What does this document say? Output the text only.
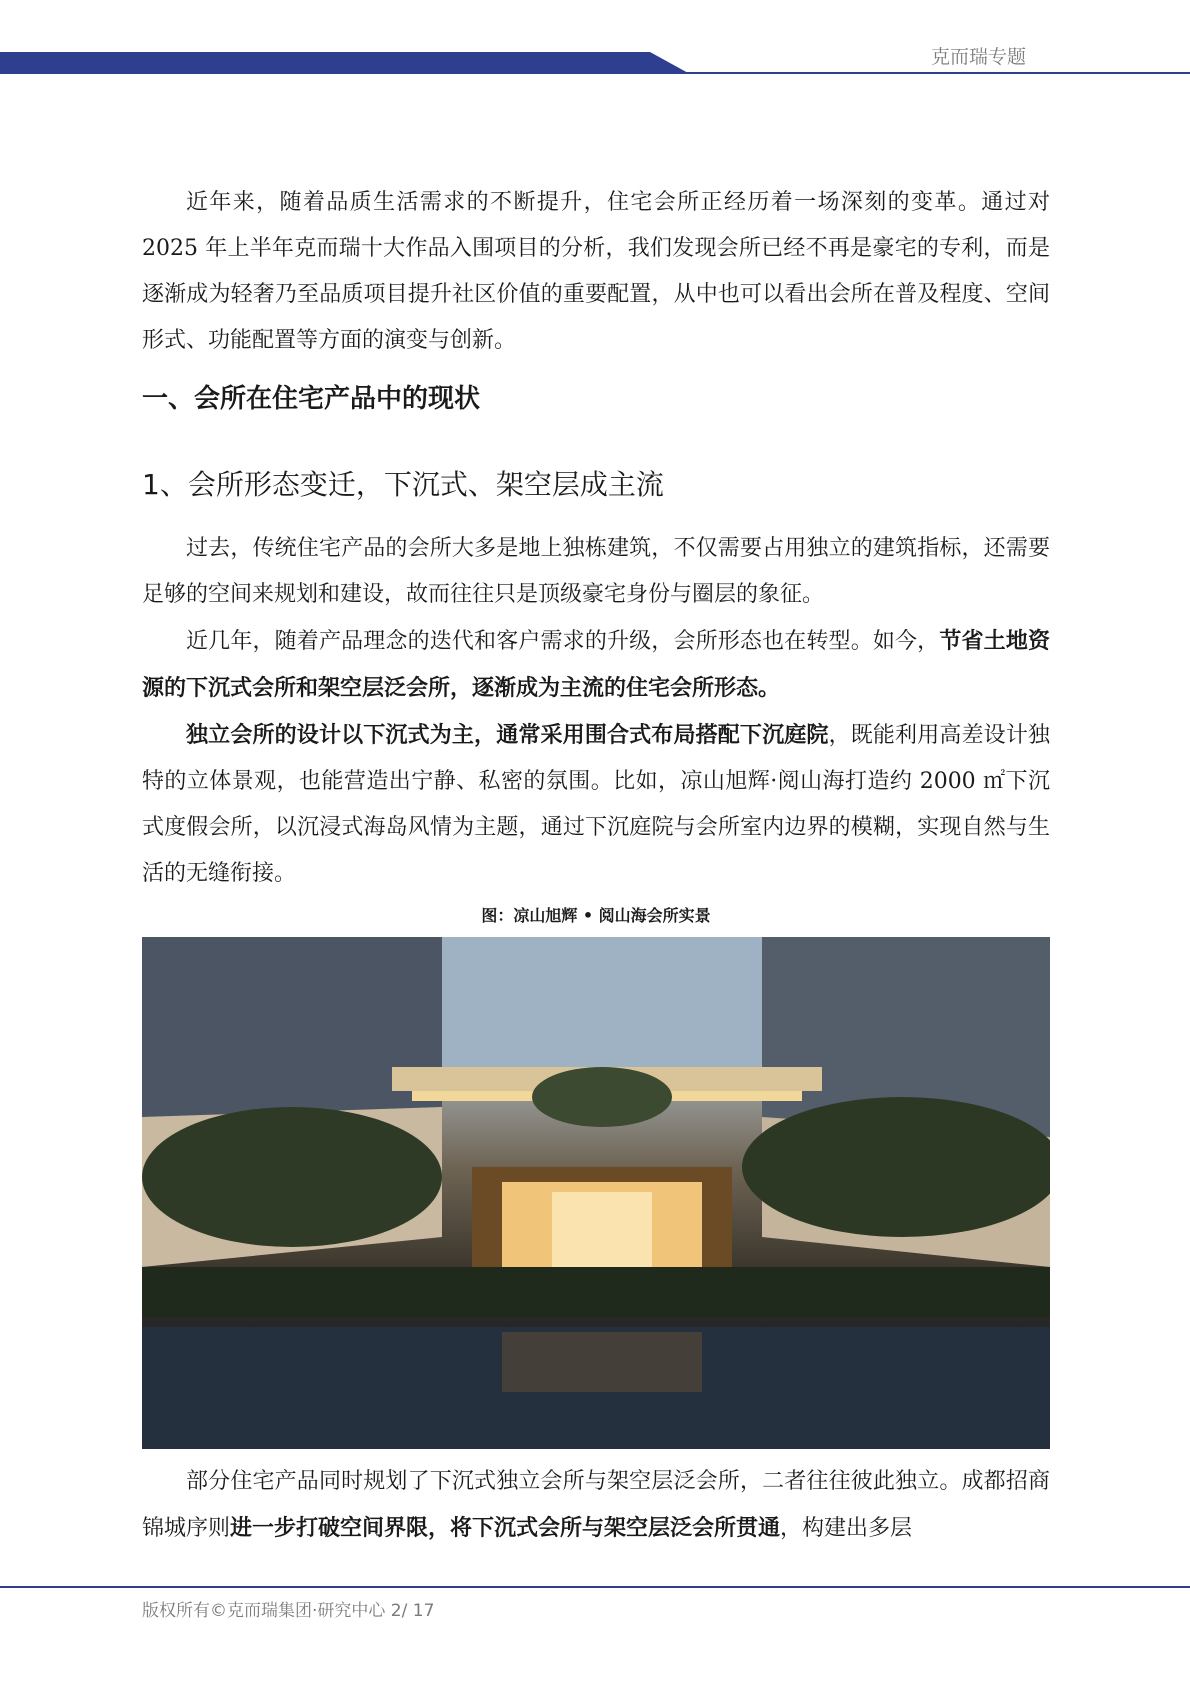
克而瑞专题

近年来，随着品质生活需求的不断提升，住宅会所正经历着一场深刻的变革。通过对 2025 年上半年克而瑞十大作品入围项目的分析，我们发现会所已经不再是豪宅的专利，而是逐渐成为轻奢乃至品质项目提升社区价值的重要配置，从中也可以看出会所在普及程度、空间形式、功能配置等方面的演变与创新。

一、会所在住宅产品中的现状
1、会所形态变迁，下沉式、架空层成主流

过去，传统住宅产品的会所大多是地上独栋建筑，不仅需要占用独立的建筑指标，还需要足够的空间来规划和建设，故而往往只是顶级豪宅身份与圈层的象征。

近几年，随着产品理念的迭代和客户需求的升级，会所形态也在转型。如今，节省土地资源的下沉式会所和架空层泛会所，逐渐成为主流的住宅会所形态。

独立会所的设计以下沉式为主，通常采用围合式布局搭配下沉庭院，既能利用高差设计独特的立体景观，也能营造出宁静、私密的氛围。比如，凉山旭辉·阅山海打造约 2000 ㎡下沉式度假会所，以沉浸式海岛风情为主题，通过下沉庭院与会所室内边界的模糊，实现自然与生活的无缝衔接。

图：凉山旭辉 • 阅山海会所实景

部分住宅产品同时规划了下沉式独立会所与架空层泛会所，二者往往彼此独立。成都招商锦城序则进一步打破空间界限，将下沉式会所与架空层泛会所贯通，构建出多层

版权所有©克而瑞集团·研究中心 2/ 17
